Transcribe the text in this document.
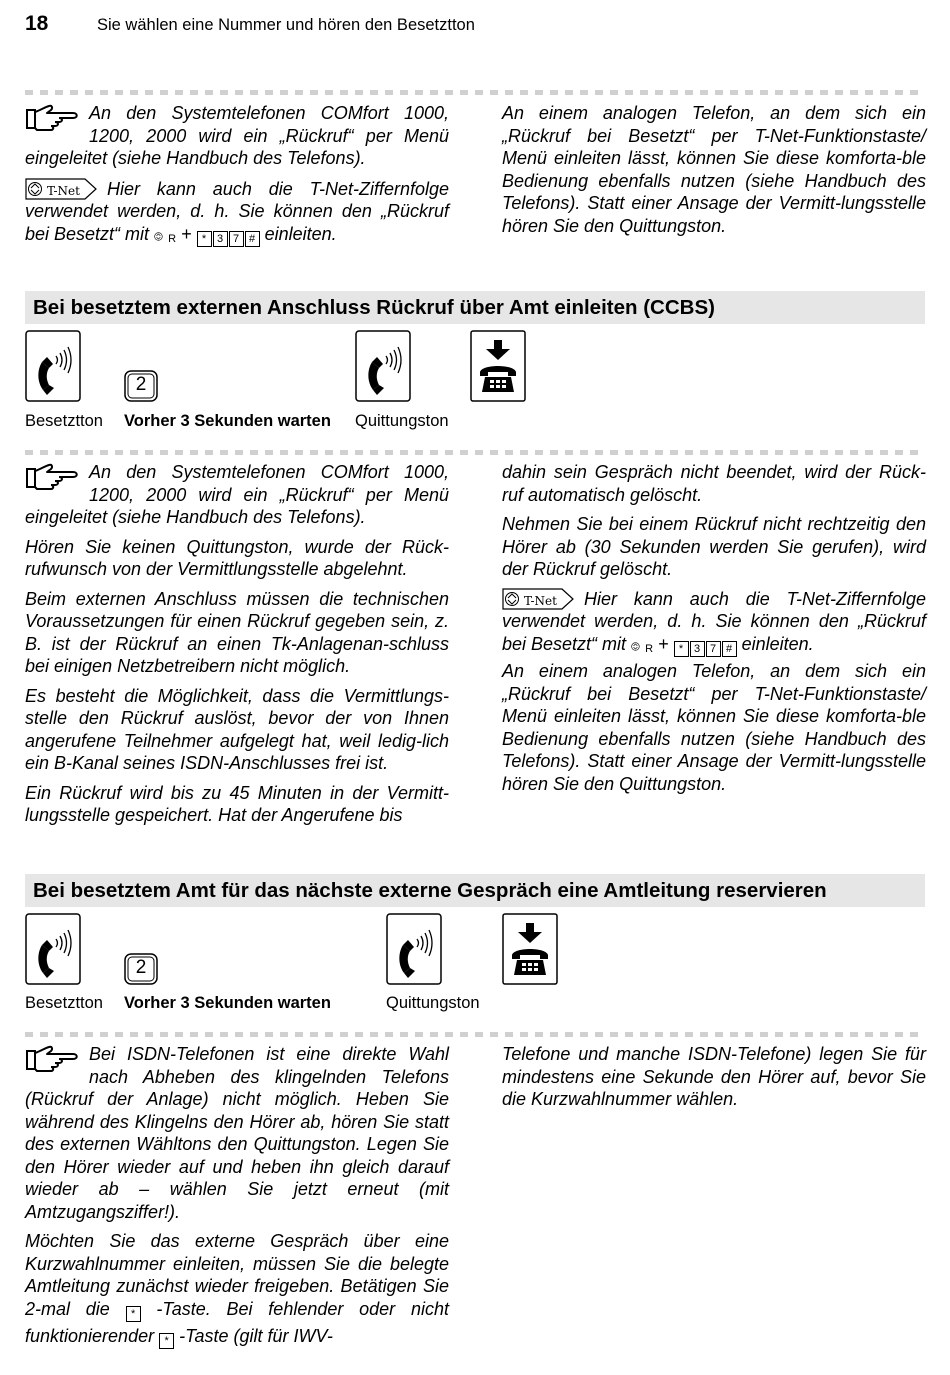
18	Sie wählen eine Nummer und hören den Besetztton

An den Systemtelefonen COMfort 1000, 1200, 2000 wird ein „Rückruf“ per Menü eingeleitet (siehe Handbuch des Telefons).

T-Net Hier kann auch die T-Net-Ziffernfolge verwendet werden, d. h. Sie können den „Rückruf bei Besetzt“ mit R + * 3 7 # einleiten.

An einem analogen Telefon, an dem sich ein „Rückruf bei Besetzt“ per T-Net-Funktionstaste/ Menü einleiten lässt, können Sie diese komforta-ble Bedienung ebenfalls nutzen (siehe Handbuch des Telefons). Statt einer Ansage der Vermitt-lungsstelle hören Sie den Quittungston.

Bei besetztem externen Anschluss Rückruf über Amt einleiten (CCBS)
2
Besetztton Vorher 3 Sekunden warten Quittungston

An den Systemtelefonen COMfort 1000, 1200, 2000 wird ein „Rückruf“ per Menü eingeleitet (siehe Handbuch des Telefons).

Hören Sie keinen Quittungston, wurde der Rück-rufwunsch von der Vermittlungsstelle abgelehnt.

Beim externen Anschluss müssen die technischen Voraussetzungen für einen Rückruf gegeben sein, z. B. ist der Rückruf an einen Tk-Anlagenan-schluss bei einigen Netzbetreibern nicht möglich.

Es besteht die Möglichkeit, dass die Vermittlungs-stelle den Rückruf auslöst, bevor der von Ihnen angerufene Teilnehmer aufgelegt hat, weil ledig-lich ein B-Kanal seines ISDN-Anschlusses frei ist.

Ein Rückruf wird bis zu 45 Minuten in der Vermitt-lungsstelle gespeichert. Hat der Angerufene bis

dahin sein Gespräch nicht beendet, wird der Rück-ruf automatisch gelöscht.

Nehmen Sie bei einem Rückruf nicht rechtzeitig den Hörer ab (30 Sekunden werden Sie gerufen), wird der Rückruf gelöscht.

T-Net Hier kann auch die T-Net-Ziffernfolge verwendet werden, d. h. Sie können den „Rückruf bei Besetzt“ mit R + * 3 7 # einleiten.

An einem analogen Telefon, an dem sich ein „Rückruf bei Besetzt“ per T-Net-Funktionstaste/ Menü einleiten lässt, können Sie diese komforta-ble Bedienung ebenfalls nutzen (siehe Handbuch des Telefons). Statt einer Ansage der Vermitt-lungsstelle hören Sie den Quittungston.

Bei besetztem Amt für das nächste externe Gespräch eine Amtleitung reservieren
2
Besetztton Vorher 3 Sekunden warten	Quittungston

Bei ISDN-Telefonen ist eine direkte Wahl nach Abheben des klingelnden Telefons (Rückruf der Anlage) nicht möglich. Heben Sie während des Klingelns den Hörer ab, hören Sie statt des externen Wähltons den Quittungston. Legen Sie den Hörer wieder auf und heben ihn gleich darauf wieder ab – wählen Sie jetzt erneut (mit Amtzugangsziffer!).

Möchten Sie das externe Gespräch über eine Kurzwahlnummer einleiten, müssen Sie die belegte Amtleitung zunächst wieder freigeben. Betätigen Sie 2-mal die * -Taste. Bei fehlender oder nicht funktionierender * -Taste (gilt für IWV-

Telefone und manche ISDN-Telefone) legen Sie für mindestens eine Sekunde den Hörer auf, bevor Sie die Kurzwahlnummer wählen.
